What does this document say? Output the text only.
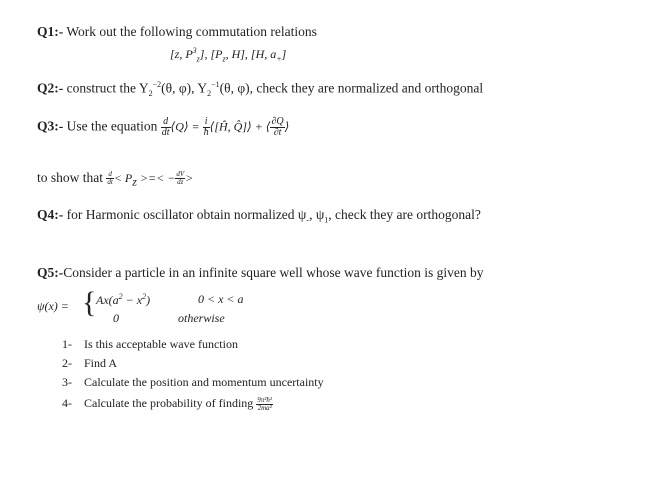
Q1:- Work out the following commutation relations
[z, $P^3_z$], [$P_z$, H], [H, $a_+$]
Q2:- construct the $Y_2^{-2}(\theta$, φ), $Y_2^{-1}(\theta$, φ), check they are normalized and orthogonal
Q3:- Use the equation $\frac{d}{dt}$ ⟨Q⟩ = $\frac{i}{ħ}$ ⟨[Ĥ, Q̂]⟩ + ⟨ $\frac{\partial Q}{\partial t}$ ⟩
to show that $\frac{d}{dt} < P_z$ >=< − $\frac{dV}{dz}$ >
Q4:- for Harmonic oscillator obtain normalized $\psi_-$, $\psi_1$, check they are orthogonal?
Q5:-Consider a particle in an infinite square well whose wave function is given by
ψ(x) = { $Ax(a^2 - x^2)$
0
0 < x < a
otherwise
1- Is this acceptable wave function
2- Find A
3- Calculate the position and momentum uncertainty
4- Calculate the probability of finding $\frac{\text{9π²ħ²}}{\text{2ma²}}$
